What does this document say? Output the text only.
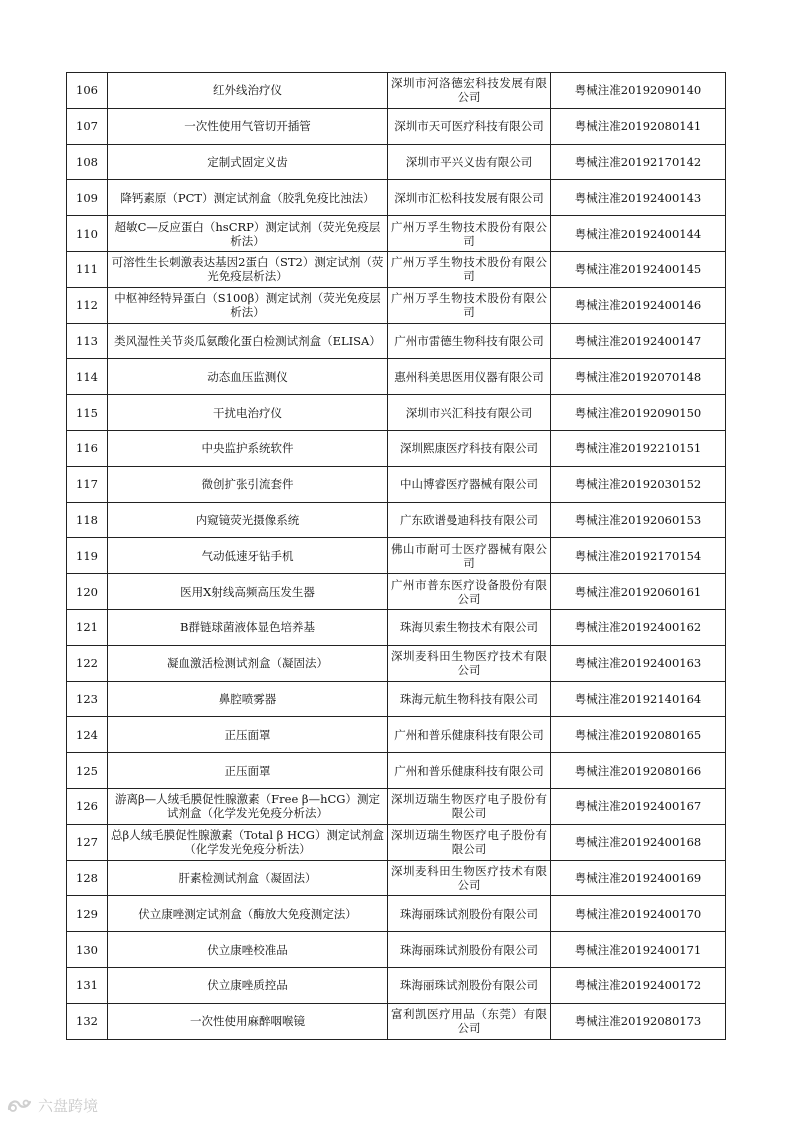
106	红外线治疗仪	深圳市河洛德宏科技发展有限公司	粤械注准20192090140
107	一次性使用气管切开插管	深圳市天可医疗科技有限公司	粤械注准20192080141
108	定制式固定义齿	深圳市平兴义齿有限公司	粤械注准20192170142
109	降钙素原（PCT）测定试剂盒（胶乳免疫比浊法）	深圳市汇松科技发展有限公司	粤械注准20192400143
110	超敏C—反应蛋白（hsCRP）测定试剂（荧光免疫层析法）	广州万孚生物技术股份有限公司	粤械注准20192400144
111	可溶性生长刺激表达基因2蛋白（ST2）测定试剂（荧光免疫层析法）	广州万孚生物技术股份有限公司	粤械注准20192400145
112	中枢神经特异蛋白（S100β）测定试剂（荧光免疫层析法）	广州万孚生物技术股份有限公司	粤械注准20192400146
113	类风湿性关节炎瓜氨酸化蛋白检测试剂盒（ELISA）	广州市雷德生物科技有限公司	粤械注准20192400147
114	动态血压监测仪	惠州科美思医用仪器有限公司	粤械注准20192070148
115	干扰电治疗仪	深圳市兴汇科技有限公司	粤械注准20192090150
116	中央监护系统软件	深圳熙康医疗科技有限公司	粤械注准20192210151
117	微创扩张引流套件	中山博睿医疗器械有限公司	粤械注准20192030152
118	内窥镜荧光摄像系统	广东欧谱曼迪科技有限公司	粤械注准20192060153
119	气动低速牙钻手机	佛山市耐可士医疗器械有限公司	粤械注准20192170154
120	医用X射线高频高压发生器	广州市普东医疗设备股份有限公司	粤械注准20192060161
121	B群链球菌液体显色培养基	珠海贝索生物技术有限公司	粤械注准20192400162
122	凝血激活检测试剂盒（凝固法）	深圳麦科田生物医疗技术有限公司	粤械注准20192400163
123	鼻腔喷雾器	珠海元航生物科技有限公司	粤械注准20192140164
124	正压面罩	广州和普乐健康科技有限公司	粤械注准20192080165
125	正压面罩	广州和普乐健康科技有限公司	粤械注准20192080166
126	游离β—人绒毛膜促性腺激素（Free β—hCG）测定试剂盒（化学发光免疫分析法）	深圳迈瑞生物医疗电子股份有限公司	粤械注准20192400167
127	总β人绒毛膜促性腺激素（Total β HCG）测定试剂盒（化学发光免疫分析法）	深圳迈瑞生物医疗电子股份有限公司	粤械注准20192400168
128	肝素检测试剂盒（凝固法）	深圳麦科田生物医疗技术有限公司	粤械注准20192400169
129	伏立康唑测定试剂盒（酶放大免疫测定法）	珠海丽珠试剂股份有限公司	粤械注准20192400170
130	伏立康唑校准品	珠海丽珠试剂股份有限公司	粤械注准20192400171
131	伏立康唑质控品	珠海丽珠试剂股份有限公司	粤械注准20192400172
132	一次性使用麻醉咽喉镜	富利凯医疗用品（东莞）有限公司	粤械注准20192080173
六盘跨境
